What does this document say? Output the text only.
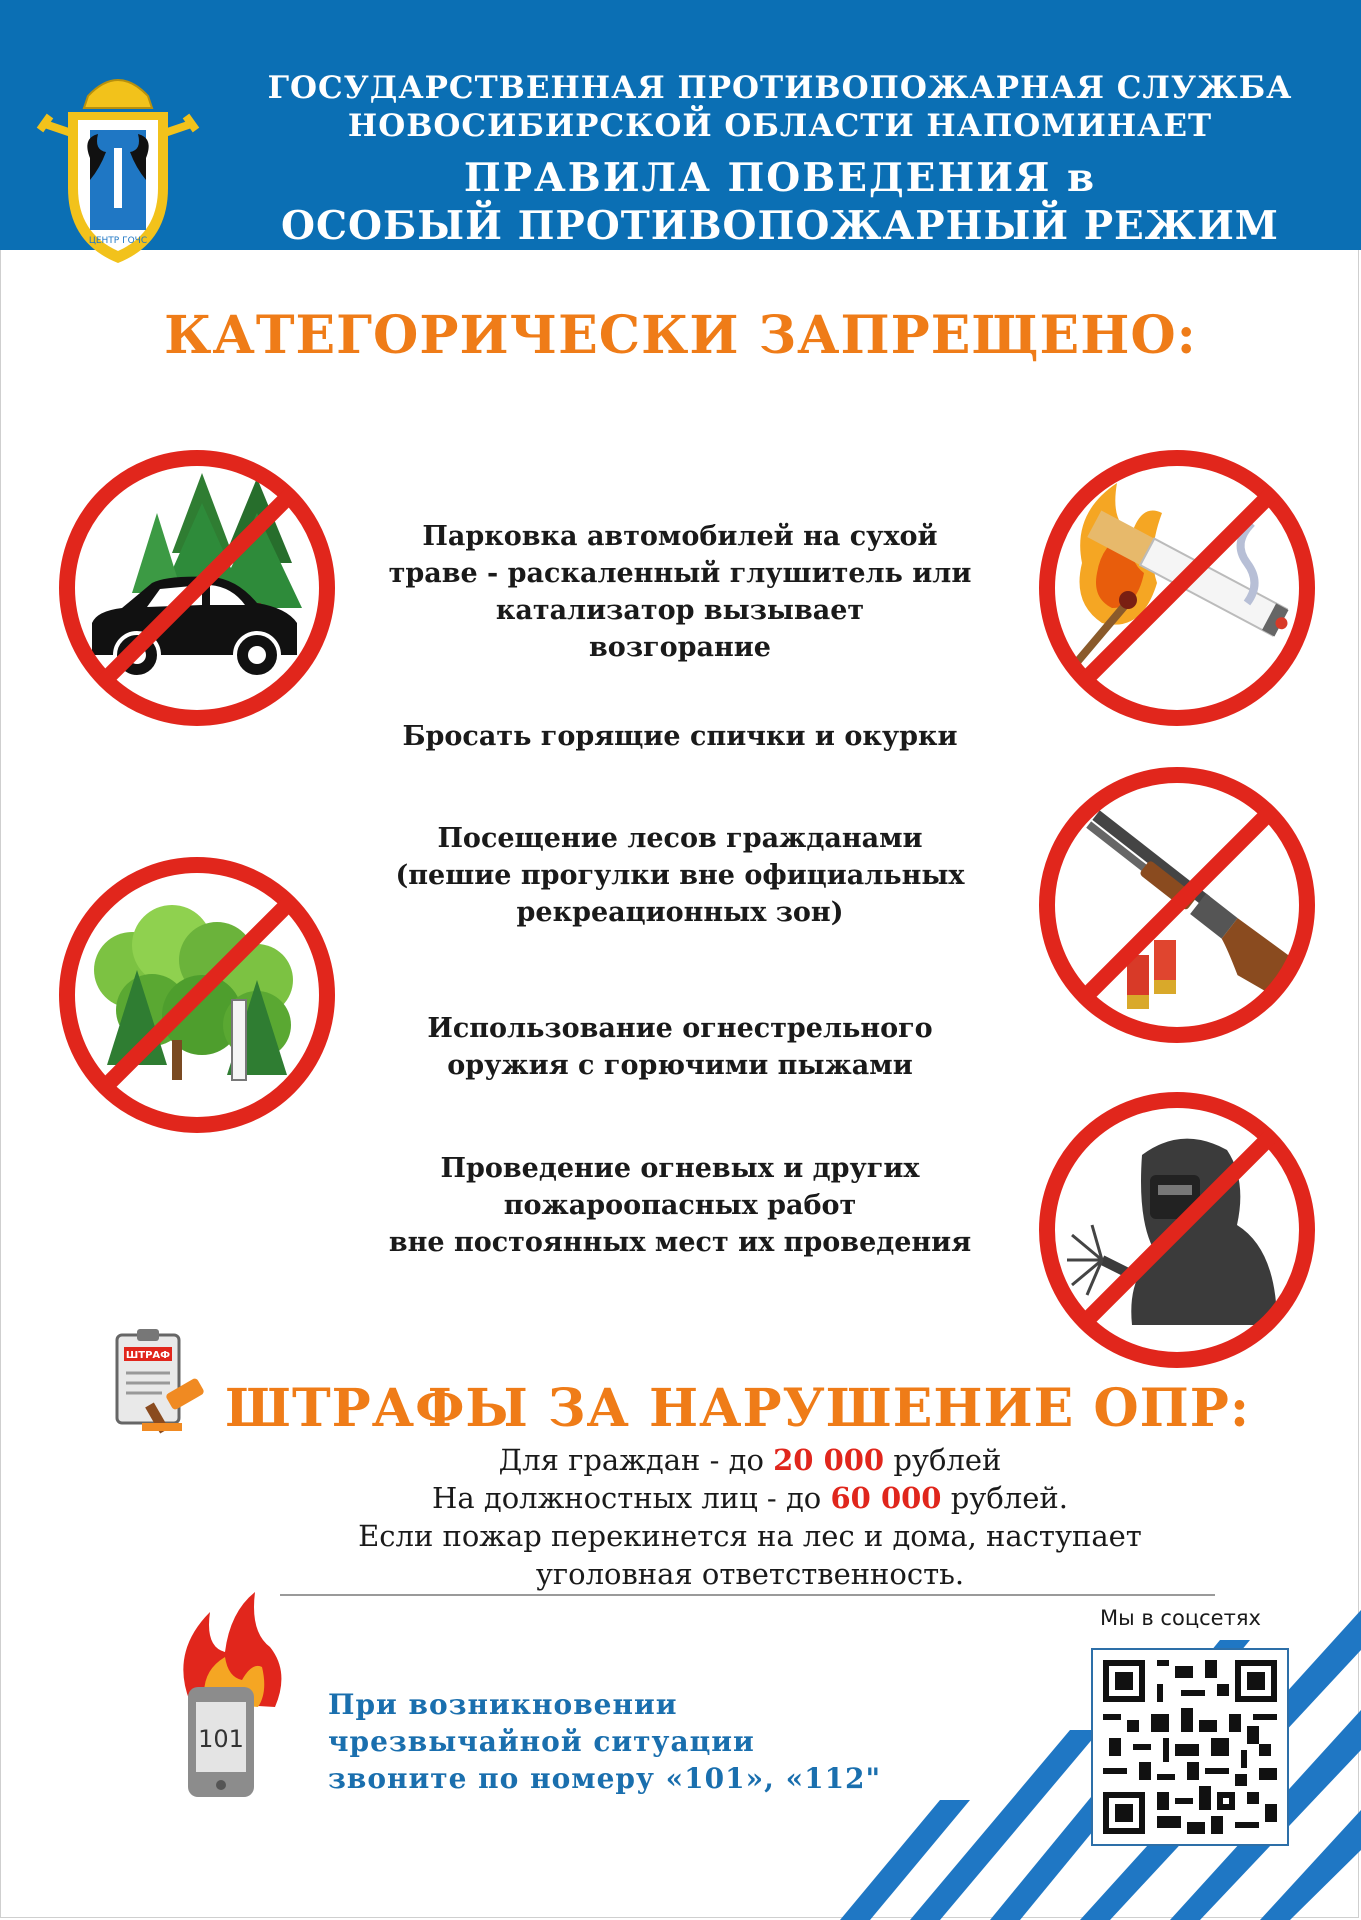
ЦЕНТР ГОЧС
ГОСУДАРСТВЕННАЯ ПРОТИВОПОЖАРНАЯ СЛУЖБА
НОВОСИБИРСКОЙ ОБЛАСТИ НАПОМИНАЕТ
ПРАВИЛА ПОВЕДЕНИЯ в
ОСОБЫЙ ПРОТИВОПОЖАРНЫЙ РЕЖИМ
КАТЕГОРИЧЕСКИ ЗАПРЕЩЕНО:
Парковка автомобилей на сухой
траве - раскаленный глушитель или
катализатор вызывает
возгорание
Бросать горящие спички и окурки
Посещение лесов гражданами
(пешие прогулки вне официальных
рекреационных зон)
Использование огнестрельного
оружия с горючими пыжами
Проведение огневых и других
пожароопасных работ
вне постоянных мест их проведения
ШТРАФ
ШТРАФЫ ЗА НАРУШЕНИЕ ОПР:
Для граждан - до 20 000 рублей
На должностных лиц - до 60 000 рублей.
Если пожар перекинется на лес и дома, наступает
уголовная ответственность.
101
При возникновении
чрезвычайной ситуации
звоните по номеру «101», «112"
Мы в соцсетях
